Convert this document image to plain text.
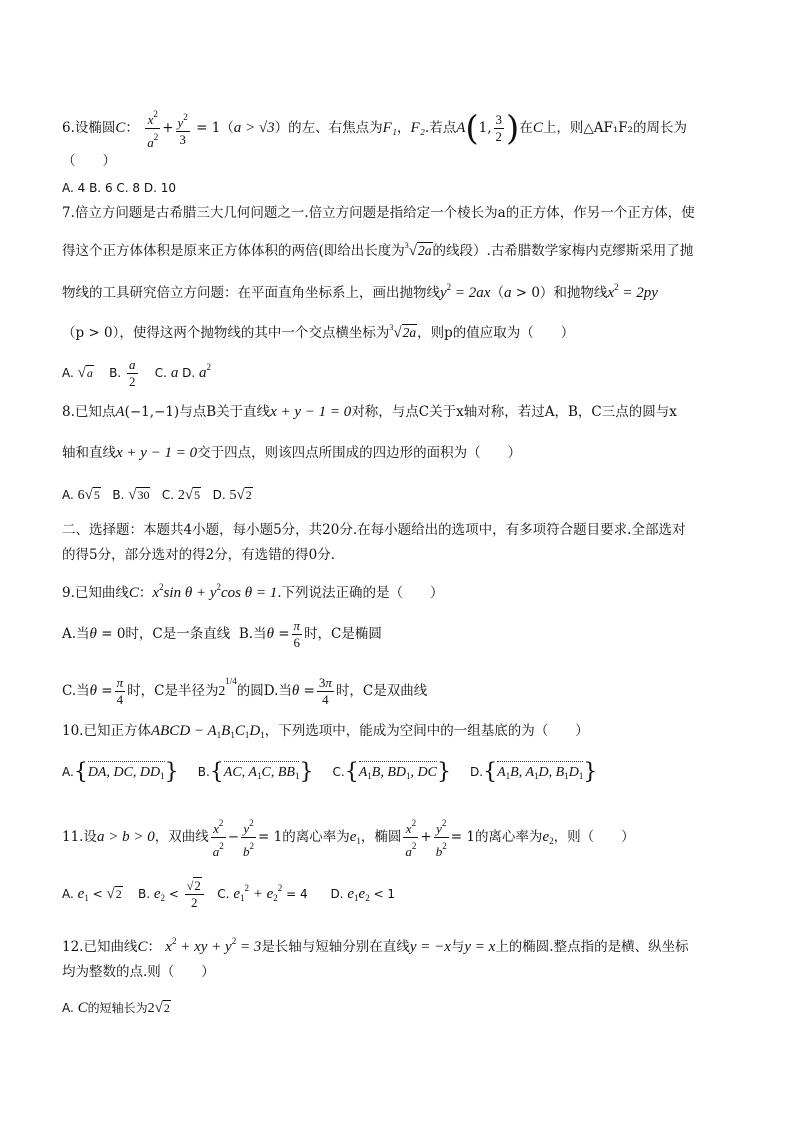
6.设椭圆C： $\frac{x^2}{a^2} + \frac{y^2}{3} = 1(a > √3)$的左、右焦点为F₁，F₂.若点A(1, $\frac{3}{2}$ )在C上，则△AF₁F₂的周长为
（　　）
A. 4 B. 6 C. 8 D. 10
7.倍立方问题是古希腊三大几何问题之一.倍立方问题是指给定一个棱长为a的正方体，作另一个正方体，使
得这个正方体体积是原来正方体体积的两倍(即给出长度为$^3$√2a的线段）.古希腊数学家梅内克缪斯采用了抛
物线的工具研究倍立方问题：在平面直角坐标系上，画出抛物线$y^2 = 2ax(a > 0)$和抛物线$x^2 = 2py$
（p > 0），使得这两个抛物线的其中一个交点横坐标为$^3$√2a，则p的值应取为（　　）
A. √a B. $\frac{a}{2} C$. a D. $a^2$
8.已知点A(−1,−1)与点B关于直线x + y − 1 = 0对称，与点C关于x轴对称，若过A，B，C三点的圆与x
轴和直线x + y − 1 = 0交于四点，则该四点所围成的四边形的面积为（　　）
A. 6√5 B. √30 C. 2√5 D. 5√2
二、选择题：本题共4小题，每小题5分，共20分.在每小题给出的选项中，有多项符合题目要求.全部选对
的得5分，部分选对的得2分，有选错的得0分.
9.已知曲线C：$x^2\sin$ $\theta + y^2\cos$ θ = 1.下列说法正确的是（　　）
A.当θ = 0时，C是一条直线 B.当$\theta = \frac{\pi}{6}$ 时，C是椭圆
C.当$\theta = \frac{\pi}{4}$ 时，C是半径为$2^{1/4}$的圆D.当$\theta = \frac{3\pi}{4}$ 时，C是双曲线
10.已知正方体ABCD − $A_1B_1C_1D_1$，下列选项中，能成为空间中的一组基底的为（　　）
A.{DA, DC, $DD_1$} B.{AC, $A_1C$, $BB_1$} $C.\{A_1B$, $BD_1$, DC} $D.\{A_1B$, $A_1D$, $B_1D_1$}
11.设a > b > 0，双曲线 $\frac{x^2}{a^2} - \frac{y^2}{b^2} = 1$的离心率为$e_1$，椭圆 $\frac{x^2}{a^2} + \frac{y^2}{b^2} = 1$的离心率为$e_2$，则（　　）
A. $e_1 < √2$ B. $e_2 < \frac{√2}{2} C$. $e_1^2 + e_2^2 = 4$      D. $e_1e_2 < 1$
12.已知曲线C： $x^2$ + xy + $y^2 = 3$是长轴与短轴分别在直线y = −x与y = x上的椭圆.整点指的是横、纵坐标
均为整数的点.则（　　）
A. C的短轴长为2√2
